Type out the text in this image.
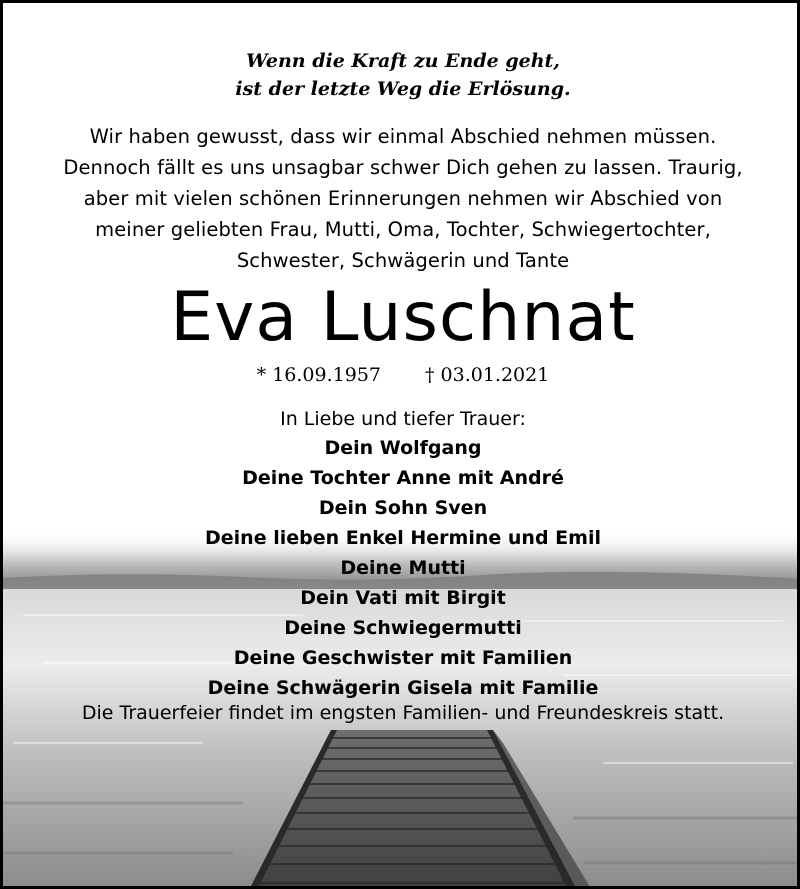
Wenn die Kraft zu Ende geht,
ist der letzte Weg die Erlösung.
Wir haben gewusst, dass wir einmal Abschied nehmen müssen.
Dennoch fällt es uns unsagbar schwer Dich gehen zu lassen. Traurig,
aber mit vielen schönen Erinnerungen nehmen wir Abschied von
meiner geliebten Frau, Mutti, Oma, Tochter, Schwiegertochter,
Schwester, Schwägerin und Tante
Eva Luschnat
* 16.09.1957 † 03.01.2021
In Liebe und tiefer Trauer:
Dein Wolfgang
Deine Tochter Anne mit André
Dein Sohn Sven
Deine lieben Enkel Hermine und Emil
Deine Mutti
Dein Vati mit Birgit
Deine Schwiegermutti
Deine Geschwister mit Familien
Deine Schwägerin Gisela mit Familie
Die Trauerfeier findet im engsten Familien- und Freundeskreis statt.
